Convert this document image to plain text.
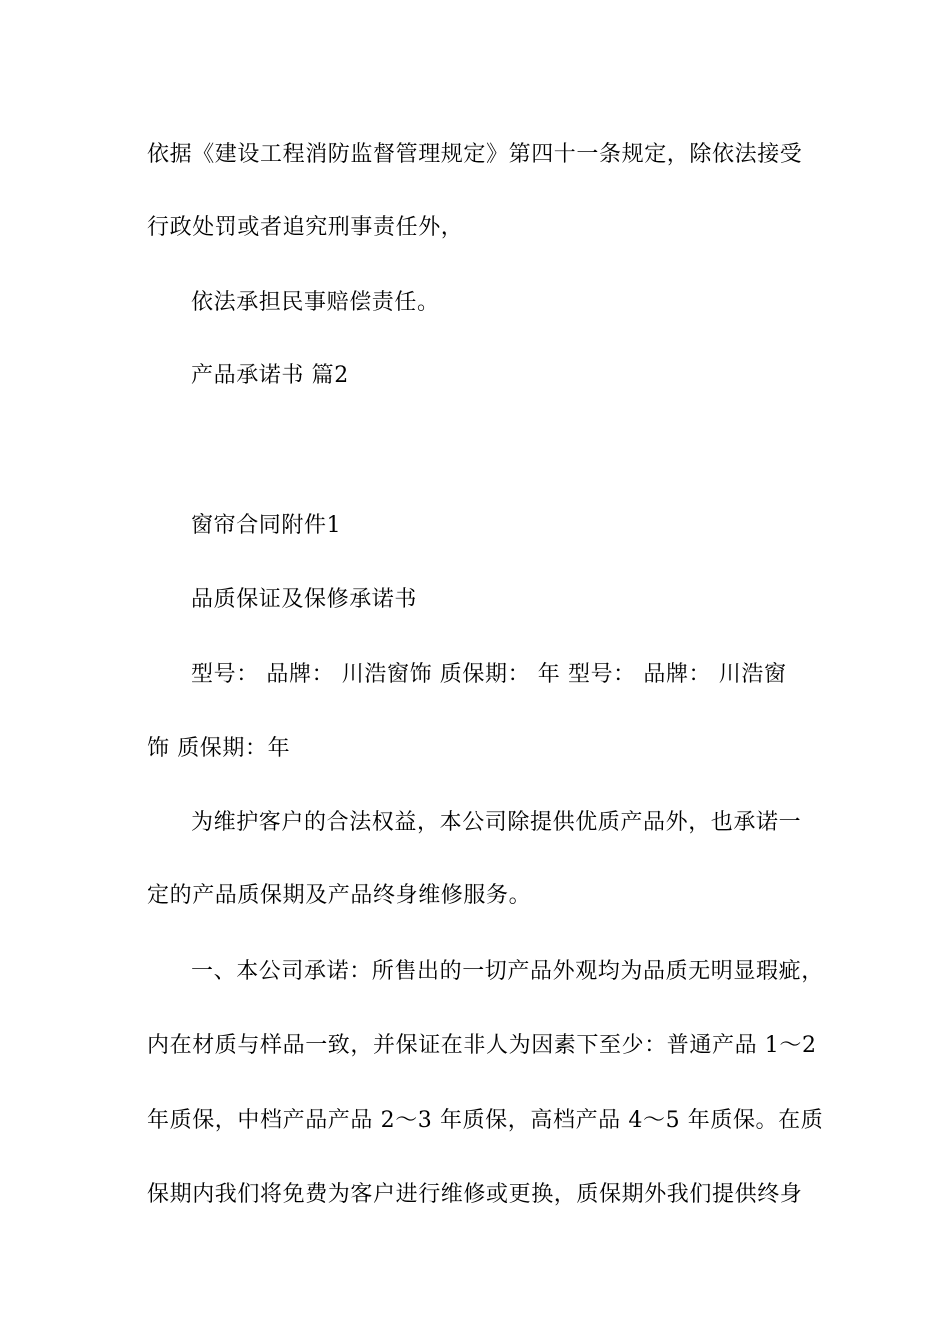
依据《建设工程消防监督管理规定》第四十一条规定，除依法接受
行政处罚或者追究刑事责任外，
依法承担民事赔偿责任。
产品承诺书 篇2
窗帘合同附件1
品质保证及保修承诺书
型号： 品牌： 川浩窗饰 质保期： 年 型号： 品牌： 川浩窗
饰 质保期：年
为维护客户的合法权益，本公司除提供优质产品外，也承诺一
定的产品质保期及产品终身维修服务。
一、本公司承诺：所售出的一切产品外观均为品质无明显瑕疵，
内在材质与样品一致，并保证在非人为因素下至少：普通产品 1～2
年质保，中档产品产品 2～3 年质保，高档产品 4～5 年质保。在质
保期内我们将免费为客户进行维修或更换，质保期外我们提供终身
